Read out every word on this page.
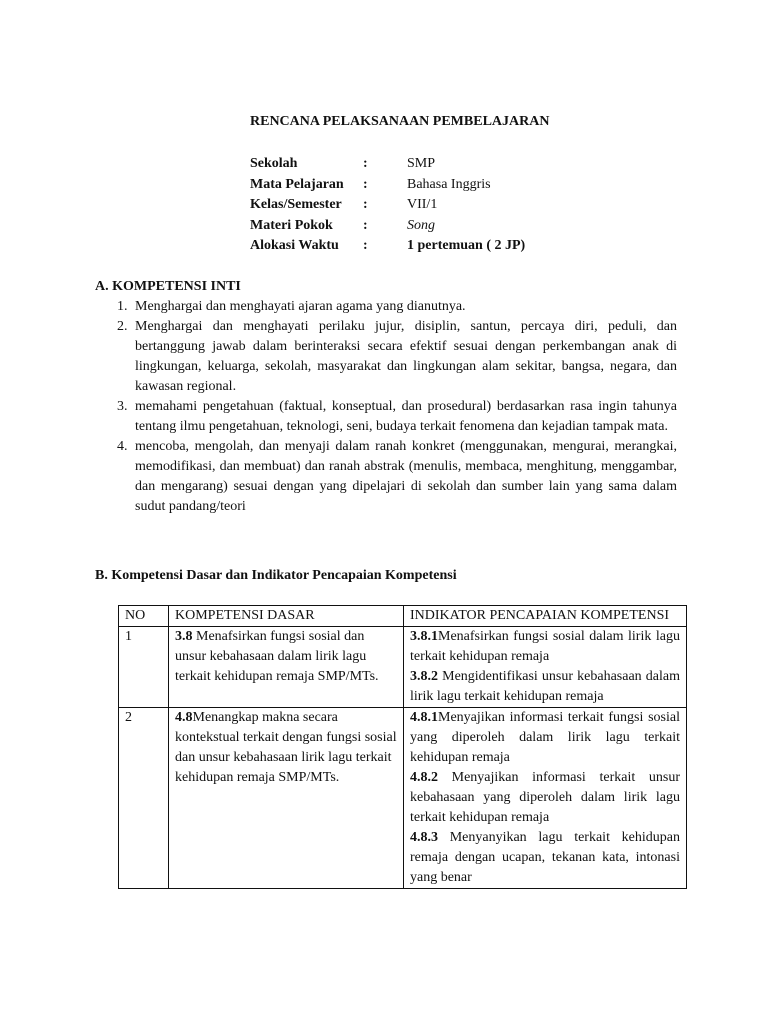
RENCANA PELAKSANAAN PEMBELAJARAN
Sekolah	:	SMP
Mata Pelajaran :	Bahasa Inggris
Kelas/Semester :	VII/1
Materi Pokok :	Song
Alokasi Waktu :	1 pertemuan ( 2 JP)
A. KOMPETENSI INTI
1. Menghargai dan menghayati ajaran agama yang dianutnya.
2. Menghargai dan menghayati perilaku jujur, disiplin, santun, percaya diri, peduli, dan bertanggung jawab dalam berinteraksi secara efektif sesuai dengan perkembangan anak di lingkungan, keluarga, sekolah, masyarakat dan lingkungan alam sekitar, bangsa, negara, dan kawasan regional.
3. memahami pengetahuan (faktual, konseptual, dan prosedural) berdasarkan rasa ingin tahunya tentang ilmu pengetahuan, teknologi, seni, budaya terkait fenomena dan kejadian tampak mata.
4. mencoba, mengolah, dan menyaji dalam ranah konkret (menggunakan, mengurai, merangkai, memodifikasi, dan membuat) dan ranah abstrak (menulis, membaca, menghitung, menggambar, dan mengarang) sesuai dengan yang dipelajari di sekolah dan sumber lain yang sama dalam sudut pandang/teori
B. Kompetensi Dasar dan Indikator Pencapaian Kompetensi
NO	KOMPETENSI DASAR	INDIKATOR PENCAPAIAN KOMPETENSI
1	3.8 Menafsirkan fungsi sosial dan unsur kebahasaan dalam lirik lagu terkait kehidupan remaja SMP/MTs.	3.8.1Menafsirkan fungsi sosial dalam lirik lagu terkait kehidupan remaja
3.8.2 Mengidentifikasi unsur kebahasaan dalam lirik lagu terkait kehidupan remaja

2	4.8Menangkap makna secara kontekstual terkait dengan fungsi sosial dan unsur kebahasaan lirik lagu terkait kehidupan remaja SMP/MTs.	4.8.1Menyajikan informasi terkait fungsi sosial yang diperoleh dalam lirik lagu terkait kehidupan remaja
4.8.2 Menyajikan informasi terkait unsur kebahasaan yang diperoleh dalam lirik lagu terkait kehidupan remaja
4.8.3 Menyanyikan lagu terkait kehidupan remaja dengan ucapan, tekanan kata, intonasi yang benar
